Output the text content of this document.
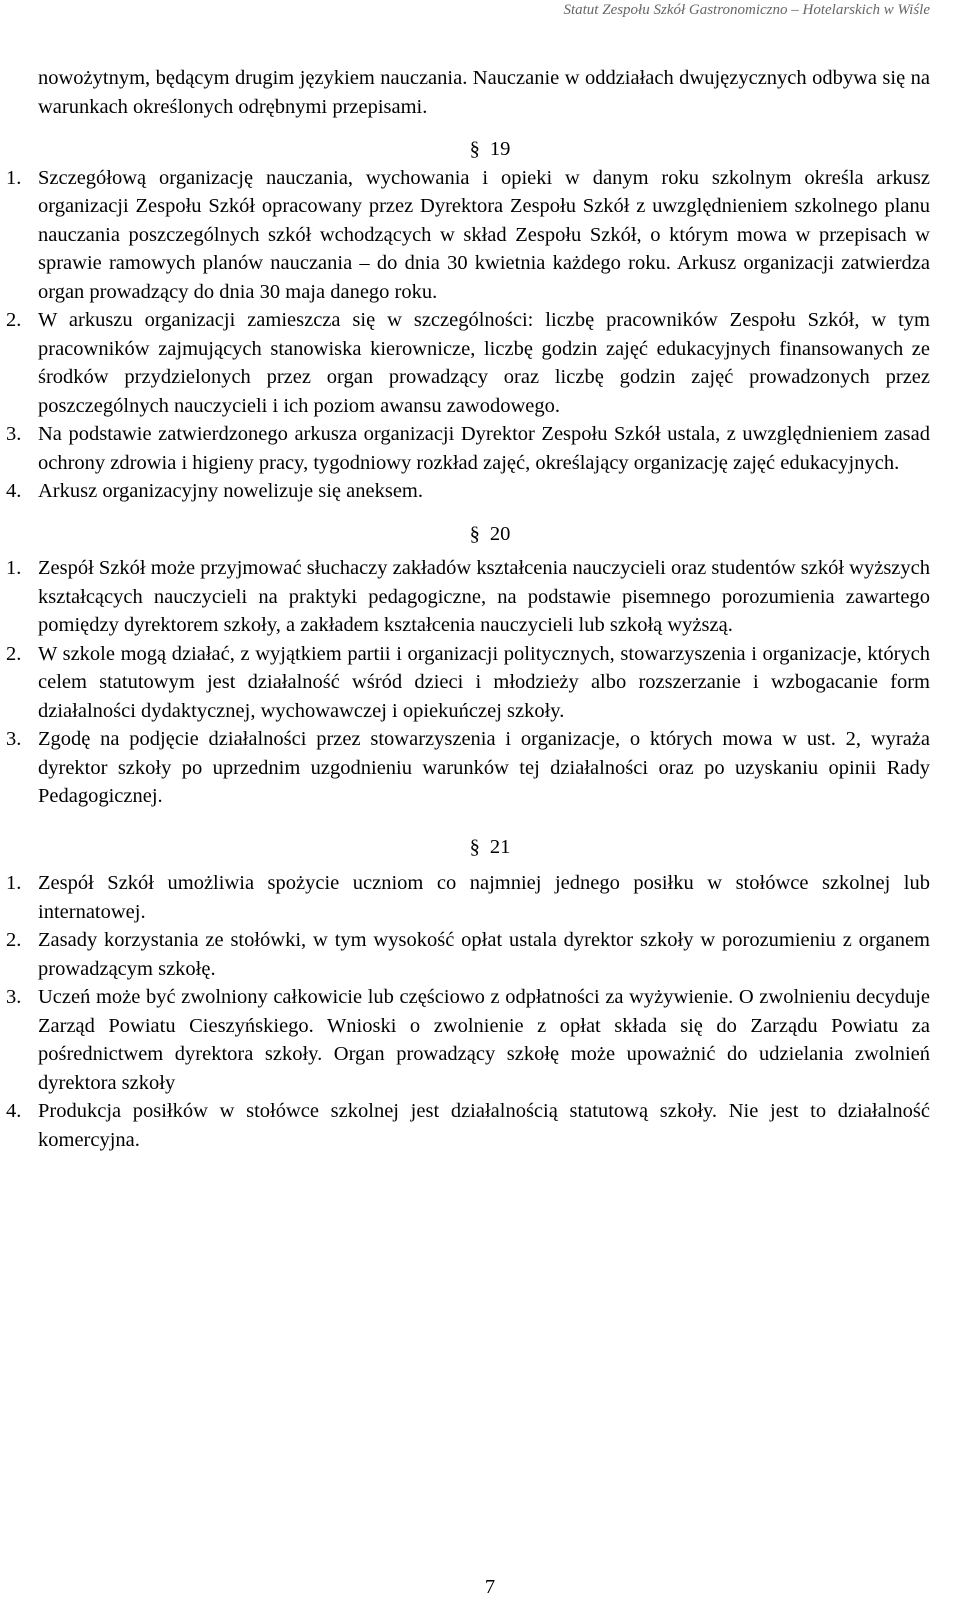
Statut Zespołu Szkół Gastronomiczno – Hotelarskich w Wiśle

nowożytnym, będącym drugim językiem nauczania. Nauczanie w oddziałach dwujęzycznych odbywa się na warunkach określonych odrębnymi przepisami.

§ 19

1. Szczegółową organizację nauczania, wychowania i opieki w danym roku szkolnym określa arkusz organizacji Zespołu Szkół opracowany przez Dyrektora Zespołu Szkół z uwzględnieniem szkolnego planu nauczania poszczególnych szkół wchodzących w skład Zespołu Szkół, o którym mowa w przepisach w sprawie ramowych planów nauczania – do dnia 30 kwietnia każdego roku. Arkusz organizacji zatwierdza organ prowadzący do dnia 30 maja danego roku.
2. W arkuszu organizacji zamieszcza się w szczególności: liczbę pracowników Zespołu Szkół, w tym pracowników zajmujących stanowiska kierownicze, liczbę godzin zajęć edukacyjnych finansowanych ze środków przydzielonych przez organ prowadzący oraz liczbę godzin zajęć prowadzonych przez poszczególnych nauczycieli i ich poziom awansu zawodowego.
3. Na podstawie zatwierdzonego arkusza organizacji Dyrektor Zespołu Szkół ustala, z uwzględnieniem zasad ochrony zdrowia i higieny pracy, tygodniowy rozkład zajęć, określający organizację zajęć edukacyjnych.
4. Arkusz organizacyjny nowelizuje się aneksem.

§ 20

1. Zespół Szkół może przyjmować słuchaczy zakładów kształcenia nauczycieli oraz studentów szkół wyższych kształcących nauczycieli na praktyki pedagogiczne, na podstawie pisemnego porozumienia zawartego pomiędzy dyrektorem szkoły, a zakładem kształcenia nauczycieli lub szkołą wyższą.
2. W szkole mogą działać, z wyjątkiem partii i organizacji politycznych, stowarzyszenia i organizacje, których celem statutowym jest działalność wśród dzieci i młodzieży albo rozszerzanie i wzbogacanie form działalności dydaktycznej, wychowawczej i opiekuńczej szkoły.
3. Zgodę na podjęcie działalności przez stowarzyszenia i organizacje, o których mowa w ust. 2, wyraża dyrektor szkoły po uprzednim uzgodnieniu warunków tej działalności oraz po uzyskaniu opinii Rady Pedagogicznej.

§ 21

1. Zespół Szkół umożliwia spożycie uczniom co najmniej jednego posiłku w stołówce szkolnej lub internatowej.
2. Zasady korzystania ze stołówki, w tym wysokość opłat ustala dyrektor szkoły w porozumieniu z organem prowadzącym szkołę.
3. Uczeń może być zwolniony całkowicie lub częściowo z odpłatności za wyżywienie. O zwolnieniu decyduje Zarząd Powiatu Cieszyńskiego. Wnioski o zwolnienie z opłat składa się do Zarządu Powiatu za pośrednictwem dyrektora szkoły. Organ prowadzący szkołę może upoważnić do udzielania zwolnień dyrektora szkoły
4. Produkcja posiłków w stołówce szkolnej jest działalnością statutową szkoły. Nie jest to działalność komercyjna.
7
